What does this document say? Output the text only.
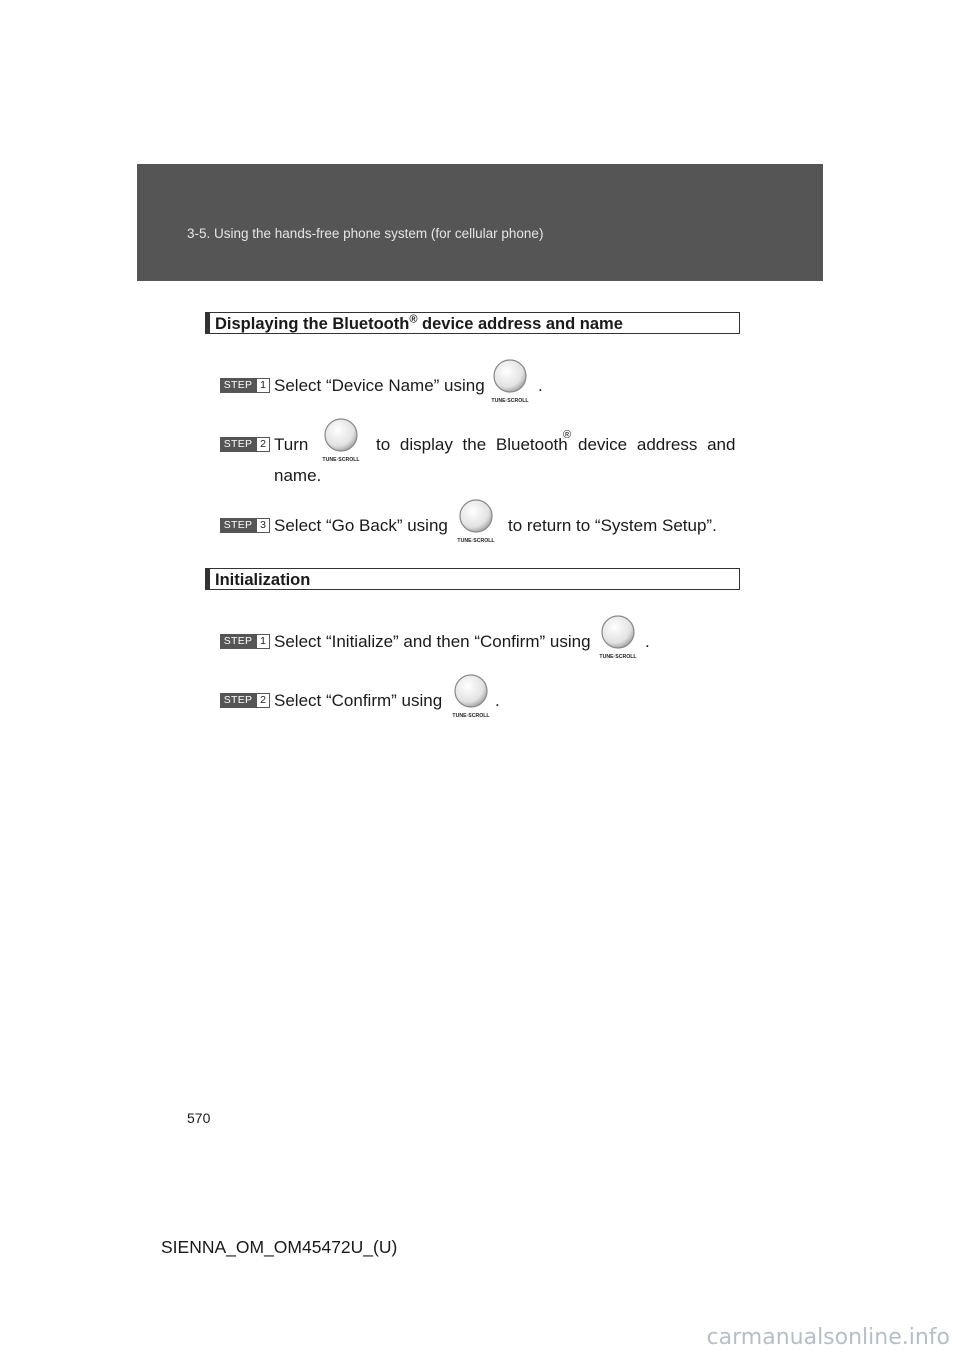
3-5. Using the hands-free phone system (for cellular phone)
Displaying the Bluetooth® device address and name
STEP 1 Select “Device Name” using	.
TUNE·SCROLL
STEP 2 Turn	to display the Bluetooth
® device address and
name.
TUNE·SCROLL
STEP 3 Select “Go Back” using	to return to “System Setup”.
TUNE·SCROLL
Initialization
STEP 1 Select “Initialize” and then “Confirm” using	.
TUNE·SCROLL
STEP 2 Select “Confirm” using	.
TUNE·SCROLL
570
SIENNA_OM_OM45472U_(U)
carmanualsonline.info
